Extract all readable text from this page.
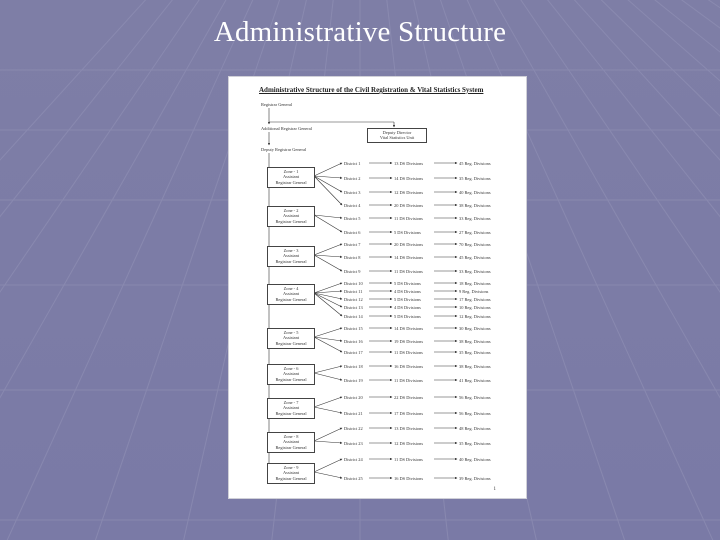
Administrative Structure
Administrative Structure of the Civil Registration & Vital Statistics System
Registrar General
Additional Registrar General
Deputy Registrar General
Deputy Director
Vital Statistics Unit
Zone - 1
Assistant
Registrar General
Zone - 2
Assistant
Registrar General
Zone - 3
Assistant
Registrar General
Zone - 4
Assistant
Registrar General
Zone - 5
Assistant
Registrar General
Zone - 6
Assistant
Registrar General
Zone - 7
Assistant
Registrar General
Zone - 8
Assistant
Registrar General
Zone - 9
Assistant
Registrar General
District 1	13 DS Divisions	45 Reg. Divisions
District 2	14 DS Divisions	35 Reg. Divisions
District 3	12 DS Divisions	40 Reg. Divisions
District 4	20 DS Divisions	38 Reg. Divisions
District 5	11 DS Divisions	33 Reg. Divisions
District 6	5 DS Divisions	27 Reg. Divisions
District 7	20 DS Divisions	70 Reg. Divisions
District 8	14 DS Divisions	45 Reg. Divisions
District 9	11 DS Divisions	33 Reg. Divisions
District 10	5 DS Divisions	18 Reg. Divisions
District 11	4 DS Divisions	9 Reg. Divisions
District 12	5 DS Divisions	17 Reg. Divisions
District 13	4 DS Divisions	10 Reg. Divisions
District 14	5 DS Divisions	12 Reg. Divisions
District 15	14 DS Divisions	30 Reg. Divisions
District 16	19 DS Divisions	38 Reg. Divisions
District 17	11 DS Divisions	35 Reg. Divisions
District 18	16 DS Divisions	38 Reg. Divisions
District 19	11 DS Divisions	41 Reg. Divisions
District 20	22 DS Divisions	56 Reg. Divisions
District 21	17 DS Divisions	56 Reg. Divisions
District 22	13 DS Divisions	48 Reg. Divisions
District 23	12 DS Divisions	35 Reg. Divisions
District 24	11 DS Divisions	40 Reg. Divisions
District 25	16 DS Divisions	39 Reg. Divisions
1
